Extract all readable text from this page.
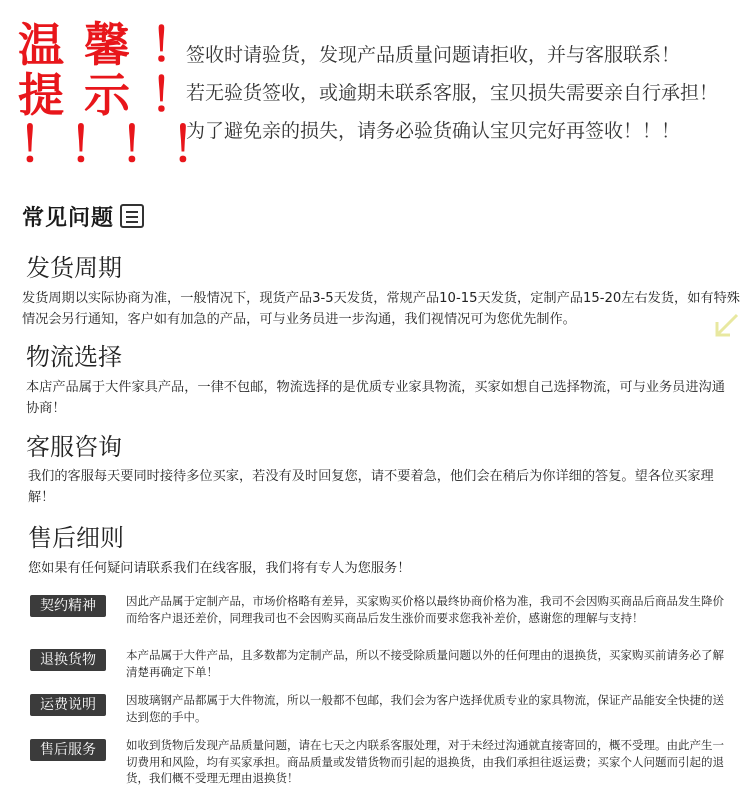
温 馨 ！
提 示 ！
！！！！

签收时请验货，发现产品质量问题请拒收，并与客服联系！

若无验货签收，或逾期未联系客服，宝贝损失需要亲自行承担！

为了避免亲的损失，请务必验货确认宝贝完好再签收！！！

常见问题
发货周期
发货周期以实际协商为准，一般情况下，现货产品3-5天发货，常规产品10-15天发货，定制产品15-20左右发货，如有特殊情况会另行通知，客户如有加急的产品，可与业务员进一步沟通，我们视情况可为您优先制作。
物流选择
本店产品属于大件家具产品，一律不包邮，物流选择的是优质专业家具物流，买家如想自己选择物流，可与业务员进沟通协商！
客服咨询
我们的客服每天要同时接待多位买家，若没有及时回复您，请不要着急，他们会在稍后为你详细的答复。望各位买家理解！
售后细则
您如果有任何疑问请联系我们在线客服，我们将有专人为您服务！
契约精神	因此产品属于定制产品，市场价格略有差异，买家购买价格以最终协商价格为准，我司不会因购买商品后商品发生降价而给客户退还差价，同理我司也不会因购买商品后发生涨价而要求您我补差价，感谢您的理解与支持！
退换货物	本产品属于大件产品，且多数都为定制产品，所以不接受除质量问题以外的任何理由的退换货，买家购买前请务必了解清楚再确定下单！
运费说明	因玻璃钢产品都属于大件物流，所以一般都不包邮，我们会为客户选择优质专业的家具物流，保证产品能安全快捷的送达到您的手中。
售后服务	如收到货物后发现产品质量问题，请在七天之内联系客服处理，对于未经过沟通就直接寄回的，概不受理。由此产生一切费用和风险，均有买家承担。商品质量或发错货物而引起的退换货，由我们承担往返运费；买家个人问题而引起的退货，我们概不受理无理由退换货！
